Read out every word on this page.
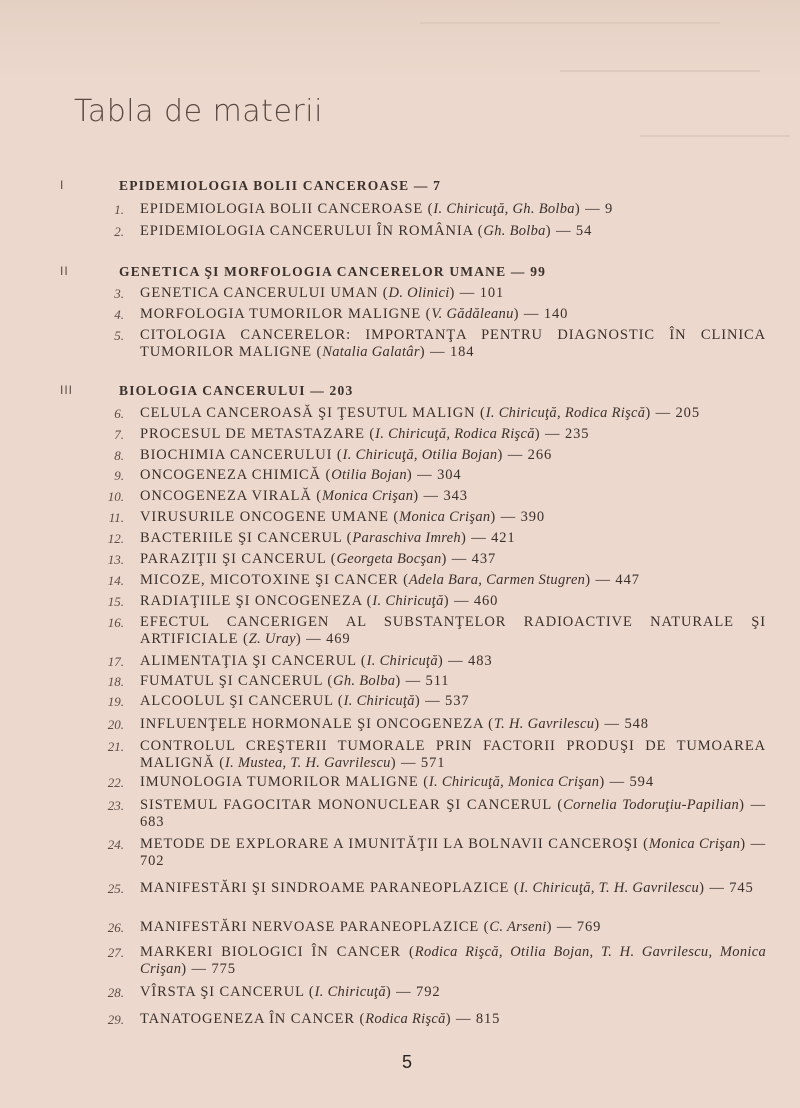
Tabla de materii
I	EPIDEMIOLOGIA BOLII CANCEROASE — 7
1. EPIDEMIOLOGIA BOLII CANCEROASE (I. Chiricuţă, Gh. Bolba) — 9
2. EPIDEMIOLOGIA CANCERULUI ÎN ROMÂNIA (Gh. Bolba) — 54
II	GENETICA ŞI MORFOLOGIA CANCERELOR UMANE — 99
3. GENETICA CANCERULUI UMAN (D. Olinici) — 101
4. MORFOLOGIA TUMORILOR MALIGNE (V. Gădăleanu) — 140
5. CITOLOGIA CANCERELOR: IMPORTANŢA PENTRU DIAGNOSTIC ÎN CLINICA TUMORILOR MALIGNE (Natalia Galatâr) — 184
III	BIOLOGIA CANCERULUI — 203
6. CELULA CANCEROASĂ ŞI ŢESUTUL MALIGN (I. Chiricuţă, Rodica Rişcă) — 205
7. PROCESUL DE METASTAZARE (I. Chiricuţă, Rodica Rişcă) — 235
8. BIOCHIMIA CANCERULUI (I. Chiricuţă, Otilia Bojan) — 266
9. ONCOGENEZA CHIMICĂ (Otilia Bojan) — 304
10. ONCOGENEZA VIRALĂ (Monica Crişan) — 343
11. VIRUSURILE ONCOGENE UMANE (Monica Crişan) — 390
12. BACTERIILE ŞI CANCERUL (Paraschiva Imreh) — 421
13. PARAZIŢII ŞI CANCERUL (Georgeta Bocşan) — 437
14. MICOZE, MICOTOXINE ŞI CANCER (Adela Bara, Carmen Stugren) — 447
15. RADIAŢIILE ŞI ONCOGENEZA (I. Chiricuţă) — 460
16. EFECTUL CANCERIGEN AL SUBSTANŢELOR RADIOACTIVE NATURALE ŞI ARTIFICIALE (Z. Uray) — 469
17. ALIMENTAŢIA ŞI CANCERUL (I. Chiricuţă) — 483
18. FUMATUL ŞI CANCERUL (Gh. Bolba) — 511
19. ALCOOLUL ŞI CANCERUL (I. Chiricuţă) — 537
20. INFLUENŢELE HORMONALE ŞI ONCOGENEZA (T. H. Gavrilescu) — 548
21. CONTROLUL CREŞTERII TUMORALE PRIN FACTORII PRODUŞI DE TUMOAREA MALIGNĂ (I. Mustea, T. H. Gavrilescu) — 571
22. IMUNOLOGIA TUMORILOR MALIGNE (I. Chiricuţă, Monica Crişan) — 594
23. SISTEMUL FAGOCITAR MONONUCLEAR ŞI CANCERUL (Cornelia Todoruţiu-Papilian) — 683
24. METODE DE EXPLORARE A IMUNITĂŢII LA BOLNAVII CANCEROŞI (Monica Crişan) — 702
25. MANIFESTĂRI ŞI SINDROAME PARANEOPLAZICE (I. Chiricuţă, T. H. Gavrilescu) — 745
26. MANIFESTĂRI NERVOASE PARANEOPLAZICE (C. Arseni) — 769
27. MARKERI BIOLOGICI ÎN CANCER (Rodica Rişcă, Otilia Bojan, T. H. Gavrilescu, Monica Crişan) — 775
28. VÎRSTA ŞI CANCERUL (I. Chiricuţă) — 792
29. TANATOGENEZA ÎN CANCER (Rodica Rişcă) — 815
5
